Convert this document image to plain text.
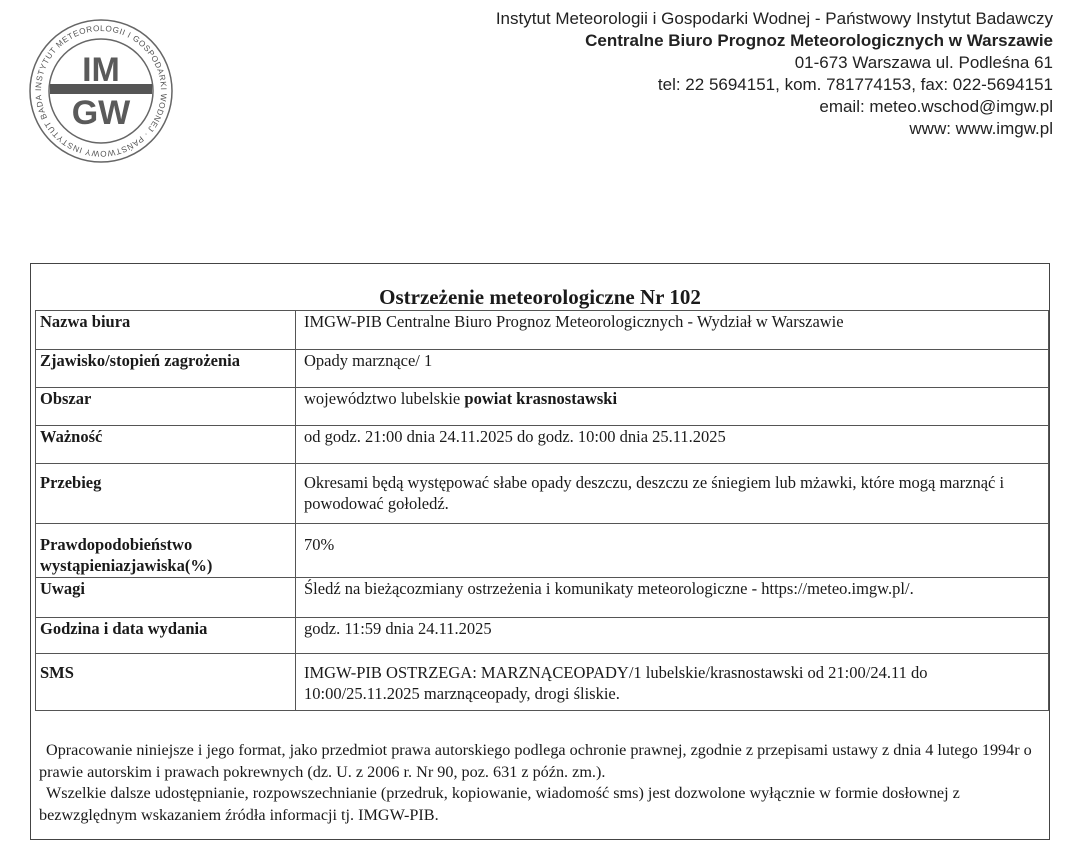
INSTYTUT METEOROLOGII I GOSPODARKI WODNEJ · PAŃSTWOWY INSTYTUT BADA
IM
GW
Instytut Meteorologii i Gospodarki Wodnej - Państwowy Instytut Badawczy
Centralne Biuro Prognoz Meteorologicznych w Warszawie
01-673 Warszawa ul. Podleśna 61
tel: 22 5694151, kom. 781774153, fax: 022-5694151
email: meteo.wschod@imgw.pl
www: www.imgw.pl
Ostrzeżenie meteorologiczne Nr 102
Nazwa biura	IMGW-PIB Centralne Biuro Prognoz Meteorologicznych - Wydział w Warszawie
Zjawisko/stopień zagrożenia	Opady marznące/ 1
Obszar	województwo lubelskie powiat krasnostawski
Ważność	od godz. 21:00 dnia 24.11.2025 do godz. 10:00 dnia 25.11.2025
Przebieg	Okresami będą występować słabe opady deszczu, deszczu ze śniegiem lub mżawki, które mogą marznąć i powodować gołoledź.
Prawdopodobieństwo wystąpieniazjawiska(%)	70%
Uwagi	Śledź na bieżącozmiany ostrzeżenia i komunikaty meteorologiczne - https://meteo.imgw.pl/.
Godzina i data wydania	godz. 11:59 dnia 24.11.2025
SMS	IMGW-PIB OSTRZEGA: MARZNĄCEOPADY/1 lubelskie/krasnostawski od 21:00/24.11 do 10:00/25.11.2025 marznąceopady, drogi śliskie.

Opracowanie niniejsze i jego format, jako przedmiot prawa autorskiego podlega ochronie prawnej, zgodnie z przepisami ustawy z dnia 4 lutego 1994r o prawie autorskim i prawach pokrewnych (dz. U. z 2006 r. Nr 90, poz. 631 z późn. zm.).

Wszelkie dalsze udostępnianie, rozpowszechnianie (przedruk, kopiowanie, wiadomość sms) jest dozwolone wyłącznie w formie dosłownej z bezwzględnym wskazaniem źródła informacji tj. IMGW-PIB.
